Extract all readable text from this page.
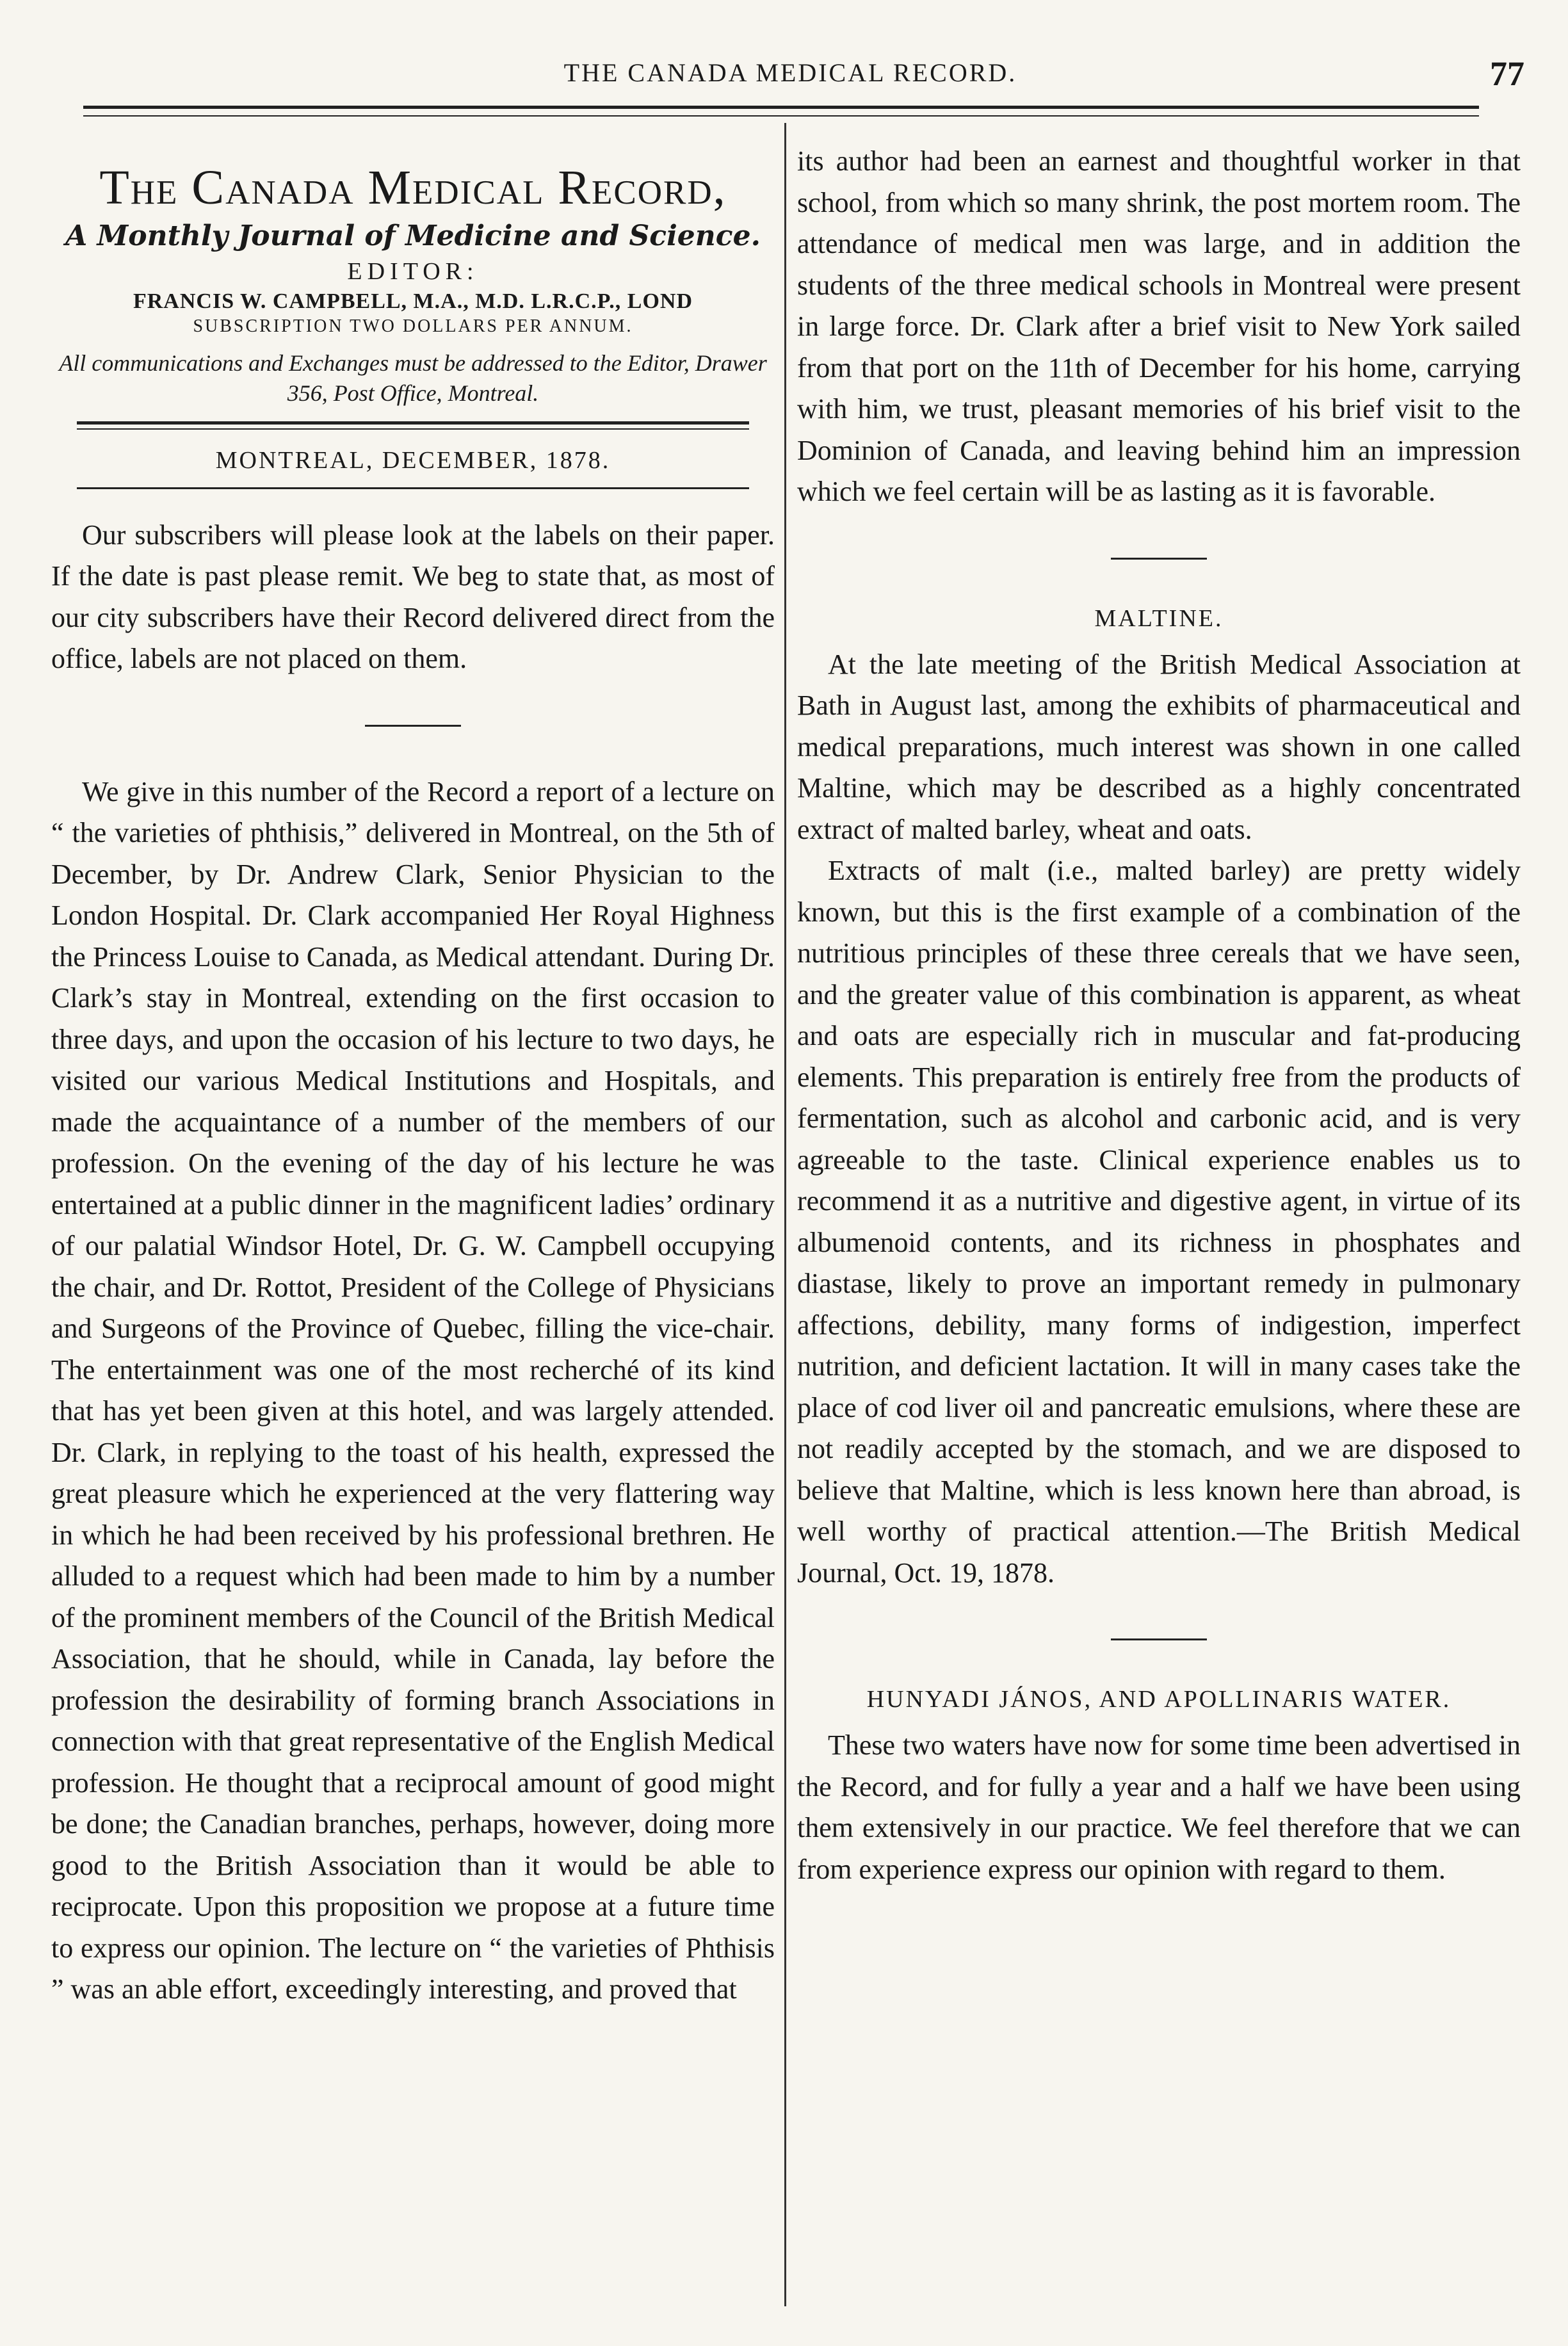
THE CANADA MEDICAL RECORD.	77
The Canada Medical Record,
A Monthly Journal of Medicine and Science.
EDITOR:
FRANCIS W. CAMPBELL, M.A., M.D. L.R.C.P., LOND
SUBSCRIPTION TWO DOLLARS PER ANNUM.
All communications and Exchanges must be addressed to the Editor, Drawer 356, Post Office, Montreal.
MONTREAL, DECEMBER, 1878.

Our subscribers will please look at the labels on their paper. If the date is past please remit. We beg to state that, as most of our city subscribers have their Record delivered direct from the office, labels are not placed on them.

We give in this number of the Record a report of a lecture on “ the varieties of phthisis,” delivered in Montreal, on the 5th of December, by Dr. Andrew Clark, Senior Physician to the London Hospital. Dr. Clark accompanied Her Royal Highness the Princess Louise to Canada, as Medical attendant. During Dr. Clark’s stay in Montreal, extending on the first occasion to three days, and upon the occasion of his lecture to two days, he visited our various Medical Institutions and Hospitals, and made the acquaintance of a number of the members of our profession. On the evening of the day of his lecture he was entertained at a public dinner in the magnificent ladies’ ordinary of our palatial Windsor Hotel, Dr. G. W. Campbell occupying the chair, and Dr. Rottot, President of the College of Physicians and Surgeons of the Province of Quebec, filling the vice-chair. The entertainment was one of the most recherché of its kind that has yet been given at this hotel, and was largely attended. Dr. Clark, in replying to the toast of his health, expressed the great pleasure which he experienced at the very flattering way in which he had been received by his professional brethren. He alluded to a request which had been made to him by a number of the prominent members of the Council of the British Medical Association, that he should, while in Canada, lay before the profession the desirability of forming branch Associations in connection with that great representative of the English Medical profession. He thought that a reciprocal amount of good might be done; the Canadian branches, perhaps, however, doing more good to the British Association than it would be able to reciprocate. Upon this proposition we propose at a future time to express our opinion. The lecture on “ the varieties of Phthisis ” was an able effort, exceedingly interesting, and proved that

its author had been an earnest and thoughtful worker in that school, from which so many shrink, the post mortem room. The attendance of medical men was large, and in addition the students of the three medical schools in Montreal were present in large force. Dr. Clark after a brief visit to New York sailed from that port on the 11th of December for his home, carrying with him, we trust, pleasant memories of his brief visit to the Dominion of Canada, and leaving behind him an impression which we feel certain will be as lasting as it is favorable.

MALTINE.

At the late meeting of the British Medical Association at Bath in August last, among the exhibits of pharmaceutical and medical preparations, much interest was shown in one called Maltine, which may be described as a highly concentrated extract of malted barley, wheat and oats.

Extracts of malt (i.e., malted barley) are pretty widely known, but this is the first example of a combination of the nutritious principles of these three cereals that we have seen, and the greater value of this combination is apparent, as wheat and oats are especially rich in muscular and fat-producing elements. This preparation is entirely free from the products of fermentation, such as alcohol and carbonic acid, and is very agreeable to the taste. Clinical experience enables us to recommend it as a nutritive and digestive agent, in virtue of its albumenoid contents, and its richness in phosphates and diastase, likely to prove an important remedy in pulmonary affections, debility, many forms of indigestion, imperfect nutrition, and deficient lactation. It will in many cases take the place of cod liver oil and pancreatic emulsions, where these are not readily accepted by the stomach, and we are disposed to believe that Maltine, which is less known here than abroad, is well worthy of practical attention.—The British Medical Journal, Oct. 19, 1878.

HUNYADI JÁNOS, AND APOLLINARIS WATER.

These two waters have now for some time been advertised in the Record, and for fully a year and a half we have been using them extensively in our practice. We feel therefore that we can from experience express our opinion with regard to them.
